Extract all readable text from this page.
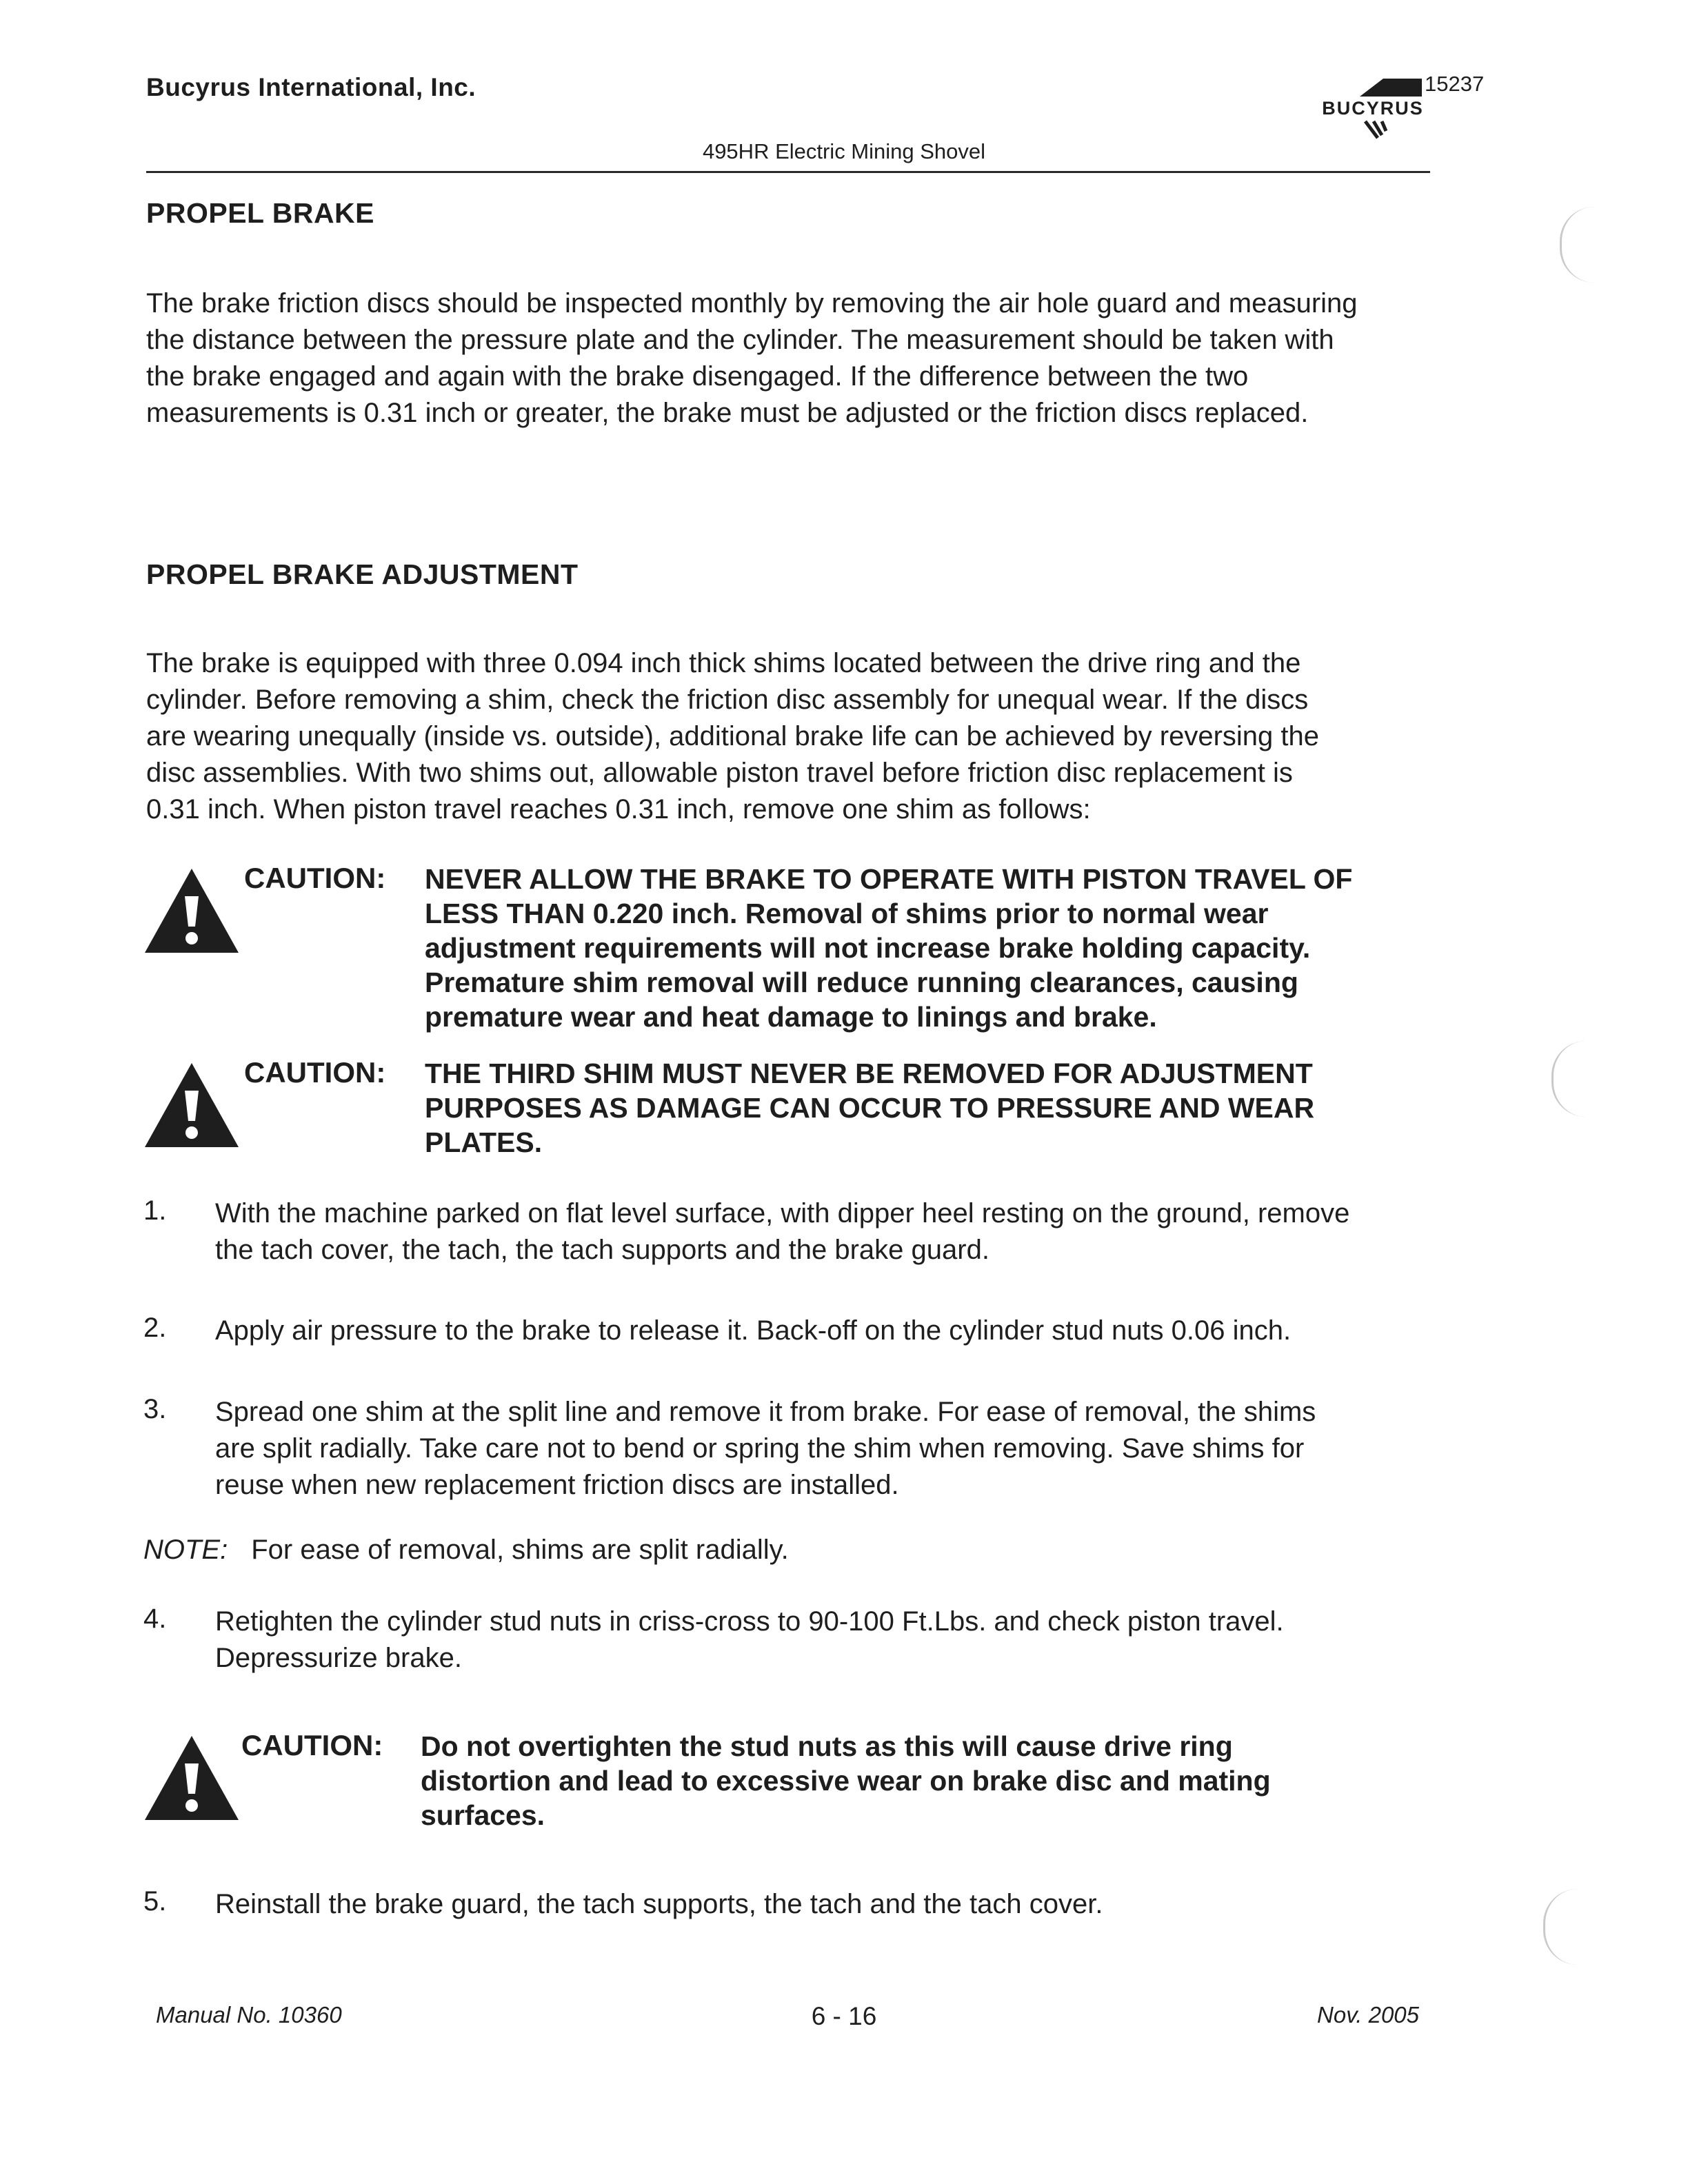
Bucyrus International, Inc.
BUCYRUS
15237
495HR Electric Mining Shovel
PROPEL BRAKE
The brake friction discs should be inspected monthly by removing the air hole guard and measuring
the distance between the pressure plate and the cylinder. The measurement should be taken with
the brake engaged and again with the brake disengaged. If the difference between the two
measurements is 0.31 inch or greater, the brake must be adjusted or the friction discs replaced.
PROPEL BRAKE ADJUSTMENT
The brake is equipped with three 0.094 inch thick shims located between the drive ring and the
cylinder. Before removing a shim, check the friction disc assembly for unequal wear. If the discs
are wearing unequally (inside vs. outside), additional brake life can be achieved by reversing the
disc assemblies. With two shims out, allowable piston travel before friction disc replacement is
0.31 inch. When piston travel reaches 0.31 inch, remove one shim as follows:
CAUTION: NEVER ALLOW THE BRAKE TO OPERATE WITH PISTON TRAVEL OF
LESS THAN 0.220 inch. Removal of shims prior to normal wear
adjustment requirements will not increase brake holding capacity.
Premature shim removal will reduce running clearances, causing
premature wear and heat damage to linings and brake.
CAUTION: THE THIRD SHIM MUST NEVER BE REMOVED FOR ADJUSTMENT
PURPOSES AS DAMAGE CAN OCCUR TO PRESSURE AND WEAR
PLATES.
1. With the machine parked on flat level surface, with dipper heel resting on the ground, remove
the tach cover, the tach, the tach supports and the brake guard.
2. Apply air pressure to the brake to release it. Back-off on the cylinder stud nuts 0.06 inch.
3. Spread one shim at the split line and remove it from brake. For ease of removal, the shims
are split radially. Take care not to bend or spring the shim when removing. Save shims for
reuse when new replacement friction discs are installed.
NOTE: For ease of removal, shims are split radially.
4. Retighten the cylinder stud nuts in criss-cross to 90-100 Ft.Lbs. and check piston travel.
Depressurize brake.
CAUTION: Do not overtighten the stud nuts as this will cause drive ring
distortion and lead to excessive wear on brake disc and mating
surfaces.
5. Reinstall the brake guard, the tach supports, the tach and the tach cover.
Manual No. 10360	6 - 16	Nov. 2005
